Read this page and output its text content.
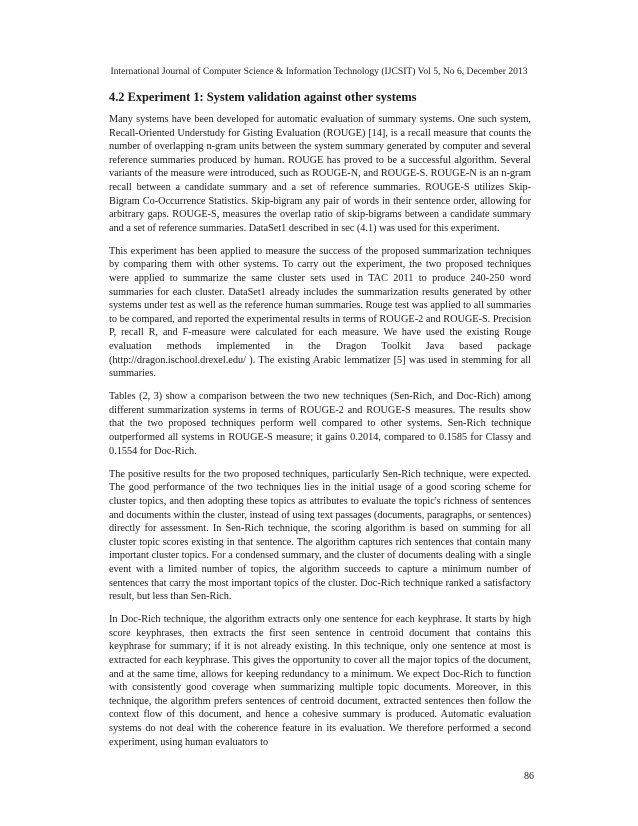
International Journal of Computer Science & Information Technology (IJCSIT) Vol 5, No 6, December 2013
4.2 Experiment 1: System validation against other systems

Many systems have been developed for automatic evaluation of summary systems. One such system, Recall-Oriented Understudy for Gisting Evaluation (ROUGE) [14], is a recall measure that counts the number of overlapping n-gram units between the system summary generated by computer and several reference summaries produced by human. ROUGE has proved to be a successful algorithm. Several variants of the measure were introduced, such as ROUGE-N, and ROUGE-S. ROUGE-N is an n-gram recall between a candidate summary and a set of reference summaries. ROUGE-S utilizes Skip-Bigram Co-Occurrence Statistics. Skip-bigram any pair of words in their sentence order, allowing for arbitrary gaps. ROUGE-S, measures the overlap ratio of skip-bigrams between a candidate summary and a set of reference summaries. DataSet1 described in sec (4.1) was used for this experiment.

This experiment has been applied to measure the success of the proposed summarization techniques by comparing them with other systems. To carry out the experiment, the two proposed techniques were applied to summarize the same cluster sets used in TAC 2011 to produce 240-250 word summaries for each cluster. DataSet1 already includes the summarization results generated by other systems under test as well as the reference human summaries. Rouge test was applied to all summaries to be compared, and reported the experimental results in terms of ROUGE-2 and ROUGE-S. Precision P, recall R, and F-measure were calculated for each measure. We have used the existing Rouge evaluation methods implemented in the Dragon Toolkit Java based package (http://dragon.ischool.drexel.edu/ ). The existing Arabic lemmatizer [5] was used in stemming for all summaries.

Tables (2, 3) show a comparison between the two new techniques (Sen-Rich, and Doc-Rich) among different summarization systems in terms of ROUGE-2 and ROUGE-S measures. The results show that the two proposed techniques perform well compared to other systems. Sen-Rich technique outperformed all systems in ROUGE-S measure; it gains 0.2014, compared to 0.1585 for Classy and 0.1554 for Doc-Rich.

The positive results for the two proposed techniques, particularly Sen-Rich technique, were expected. The good performance of the two techniques lies in the initial usage of a good scoring scheme for cluster topics, and then adopting these topics as attributes to evaluate the topic's richness of sentences and documents within the cluster, instead of using text passages (documents, paragraphs, or sentences) directly for assessment. In Sen-Rich technique, the scoring algorithm is based on summing for all cluster topic scores existing in that sentence. The algorithm captures rich sentences that contain many important cluster topics. For a condensed summary, and the cluster of documents dealing with a single event with a limited number of topics, the algorithm succeeds to capture a minimum number of sentences that carry the most important topics of the cluster. Doc-Rich technique ranked a satisfactory result, but less than Sen-Rich.

In Doc-Rich technique, the algorithm extracts only one sentence for each keyphrase. It starts by high score keyphrases, then extracts the first seen sentence in centroid document that contains this keyphrase for summary; if it is not already existing. In this technique, only one sentence at most is extracted for each keyphrase. This gives the opportunity to cover all the major topics of the document, and at the same time, allows for keeping redundancy to a minimum. We expect Doc-Rich to function with consistently good coverage when summarizing multiple topic documents. Moreover, in this technique, the algorithm prefers sentences of centroid document, extracted sentences then follow the context flow of this document, and hence a cohesive summary is produced. Automatic evaluation systems do not deal with the coherence feature in its evaluation. We therefore performed a second experiment, using human evaluators to

86
